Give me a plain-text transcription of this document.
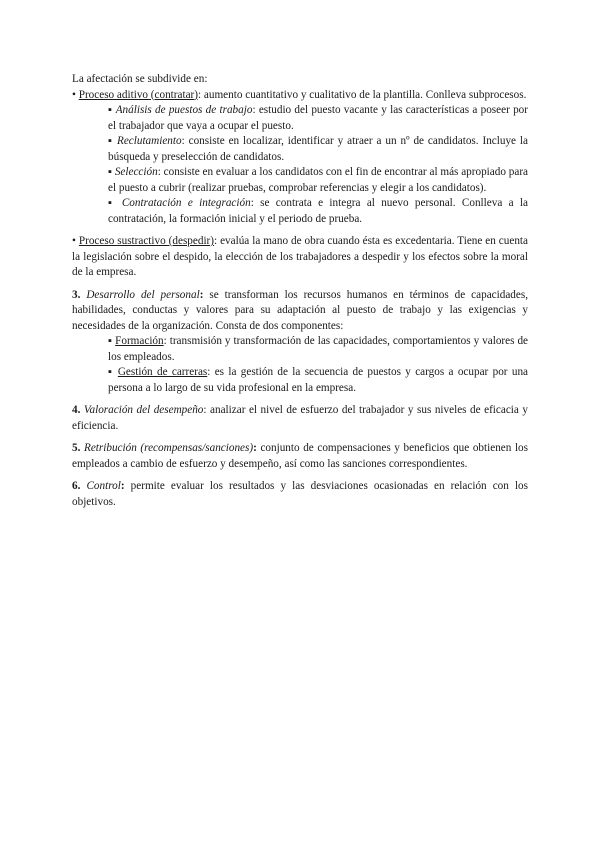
La afectación se subdivide en:

• Proceso aditivo (contratar): aumento cuantitativo y cualitativo de la plantilla. Conlleva subprocesos.

▪ Análisis de puestos de trabajo: estudio del puesto vacante y las características a poseer por el trabajador que vaya a ocupar el puesto.

▪ Reclutamiento: consiste en localizar, identificar y atraer a un nº de candidatos. Incluye la búsqueda y preselección de candidatos.

▪ Selección: consiste en evaluar a los candidatos con el fin de encontrar al más apropiado para el puesto a cubrir (realizar pruebas, comprobar referencias y elegir a los candidatos).

▪ Contratación e integración: se contrata e integra al nuevo personal. Conlleva a la contratación, la formación inicial y el periodo de prueba.

• Proceso sustractivo (despedir): evalúa la mano de obra cuando ésta es excedentaria. Tiene en cuenta la legislación sobre el despido, la elección de los trabajadores a despedir y los efectos sobre la moral de la empresa.

3. Desarrollo del personal: se transforman los recursos humanos en términos de capacidades, habilidades, conductas y valores para su adaptación al puesto de trabajo y las exigencias y necesidades de la organización. Consta de dos componentes:

▪ Formación: transmisión y transformación de las capacidades, comportamientos y valores de los empleados.

▪ Gestión de carreras: es la gestión de la secuencia de puestos y cargos a ocupar por una persona a lo largo de su vida profesional en la empresa.

4. Valoración del desempeño: analizar el nivel de esfuerzo del trabajador y sus niveles de eficacia y eficiencia.

5. Retribución (recompensas/sanciones): conjunto de compensaciones y beneficios que obtienen los empleados a cambio de esfuerzo y desempeño, así como las sanciones correspondientes.

6. Control: permite evaluar los resultados y las desviaciones ocasionadas en relación con los objetivos.
